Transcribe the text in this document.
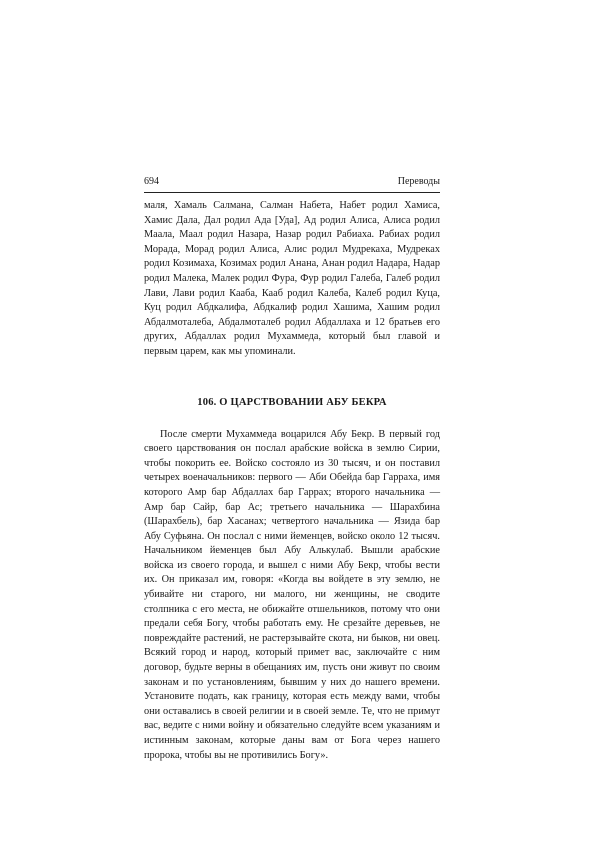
694	Переводы

маля, Хамаль Салмана, Салман Набета, Набет родил Хамиса, Хамис Дала, Дал родил Ада [Уда], Ад родил Алиса, Алиса родил Маала, Маал родил Назара, Назар родил Рабиаха. Рабиах родил Морада, Морад родил Алиса, Алис родил Мудрекаха, Мудреках родил Козимаха, Козимах родил Анана, Анан родил Надара, Надар родил Малека, Малек родил Фура, Фур родил Галеба, Галеб родил Лави, Лави родил Кааба, Кааб родил Калеба, Калеб родил Куца, Куц родил Абдкалифа, Абдкалиф родил Хашима, Хашим родил Абдалмоталеба, Абдалмоталеб родил Абдаллаха и 12 братьев его других, Абдаллах родил Мухаммеда, который был главой и первым царем, как мы упоминали.

106. О ЦАРСТВОВАНИИ АБУ БЕКРА

После смерти Мухаммеда воцарился Абу Бекр. В первый год своего царствования он послал арабские войска в землю Сирии, чтобы покорить ее. Войско состояло из 30 тысяч, и он поставил четырех военачальников: первого — Аби Обейда бар Гарраха, имя которого Амр бар Абдаллах бар Гаррах; второго начальника — Амр бар Сайр, бар Ас; третьего начальника — Шарахбина (Шарахбель), бар Хасанах; четвертого начальника — Язида бар Абу Суфьяна. Он послал с ними йеменцев, войско около 12 тысяч. Начальником йеменцев был Абу Алькулаб. Вышли арабские войска из своего города, и вышел с ними Абу Бекр, чтобы вести их. Он приказал им, говоря: «Когда вы войдете в эту землю, не убивайте ни старого, ни малого, ни женщины, не сводите столпника с его места, не обижайте отшельников, потому что они предали себя Богу, чтобы работать ему. Не срезайте деревьев, не повреждайте растений, не растерзывайте скота, ни быков, ни овец. Всякий город и народ, который примет вас, заключайте с ним договор, будьте верны в обещаниях им, пусть они живут по своим законам и по установлениям, бывшим у них до нашего времени. Установите подать, как границу, которая есть между вами, чтобы они оставались в своей религии и в своей земле. Те, что не примут вас, ведите с ними войну и обязательно следуйте всем указаниям и истинным законам, которые даны вам от Бога через нашего пророка, чтобы вы не противились Богу».
